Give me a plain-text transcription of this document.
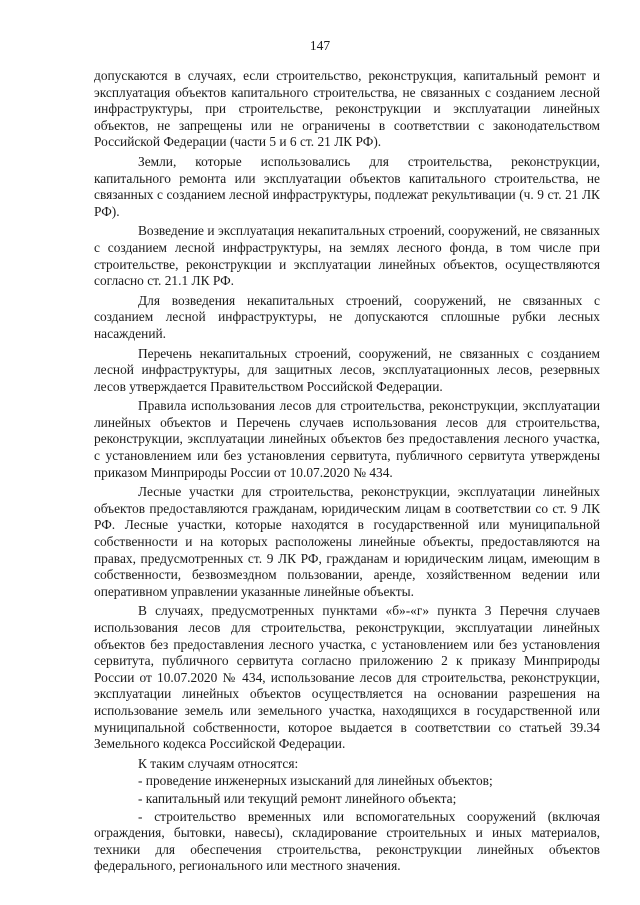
147

допускаются в случаях, если строительство, реконструкция, капитальный ремонт и эксплуатация объектов капитального строительства, не связанных с созданием лесной инфраструктуры, при строительстве, реконструкции и эксплуатации линейных объектов, не запрещены или не ограничены в соответствии с законодательством Российской Федерации (части 5 и 6 ст. 21 ЛК РФ).

Земли, которые использовались для строительства, реконструкции, капитального ремонта или эксплуатации объектов капитального строительства, не связанных с созданием лесной инфраструктуры, подлежат рекультивации (ч. 9 ст. 21 ЛК РФ).

Возведение и эксплуатация некапитальных строений, сооружений, не связанных с созданием лесной инфраструктуры, на землях лесного фонда, в том числе при строительстве, реконструкции и эксплуатации линейных объектов, осуществляются согласно ст. 21.1 ЛК РФ.

Для возведения некапитальных строений, сооружений, не связанных с созданием лесной инфраструктуры, не допускаются сплошные рубки лесных насаждений.

Перечень некапитальных строений, сооружений, не связанных с созданием лесной инфраструктуры, для защитных лесов, эксплуатационных лесов, резервных лесов утверждается Правительством Российской Федерации.

Правила использования лесов для строительства, реконструкции, эксплуатации линейных объектов и Перечень случаев использования лесов для строительства, реконструкции, эксплуатации линейных объектов без предоставления лесного участка, с установлением или без установления сервитута, публичного сервитута утверждены приказом Минприроды России от 10.07.2020 № 434.

Лесные участки для строительства, реконструкции, эксплуатации линейных объектов предоставляются гражданам, юридическим лицам в соответствии со ст. 9 ЛК РФ. Лесные участки, которые находятся в государственной или муниципальной собственности и на которых расположены линейные объекты, предоставляются на правах, предусмотренных ст. 9 ЛК РФ, гражданам и юридическим лицам, имеющим в собственности, безвозмездном пользовании, аренде, хозяйственном ведении или оперативном управлении указанные линейные объекты.

В случаях, предусмотренных пунктами «б»-«г» пункта 3 Перечня случаев использования лесов для строительства, реконструкции, эксплуатации линейных объектов без предоставления лесного участка, с установлением или без установления сервитута, публичного сервитута согласно приложению 2 к приказу Минприроды России от 10.07.2020 № 434, использование лесов для строительства, реконструкции, эксплуатации линейных объектов осуществляется на основании разрешения на использование земель или земельного участка, находящихся в государственной или муниципальной собственности, которое выдается в соответствии со статьей 39.34 Земельного кодекса Российской Федерации.

К таким случаям относятся:

- проведение инженерных изысканий для линейных объектов;

- капитальный или текущий ремонт линейного объекта;

- строительство временных или вспомогательных сооружений (включая ограждения, бытовки, навесы), складирование строительных и иных материалов, техники для обеспечения строительства, реконструкции линейных объектов федерального, регионального или местного значения.
